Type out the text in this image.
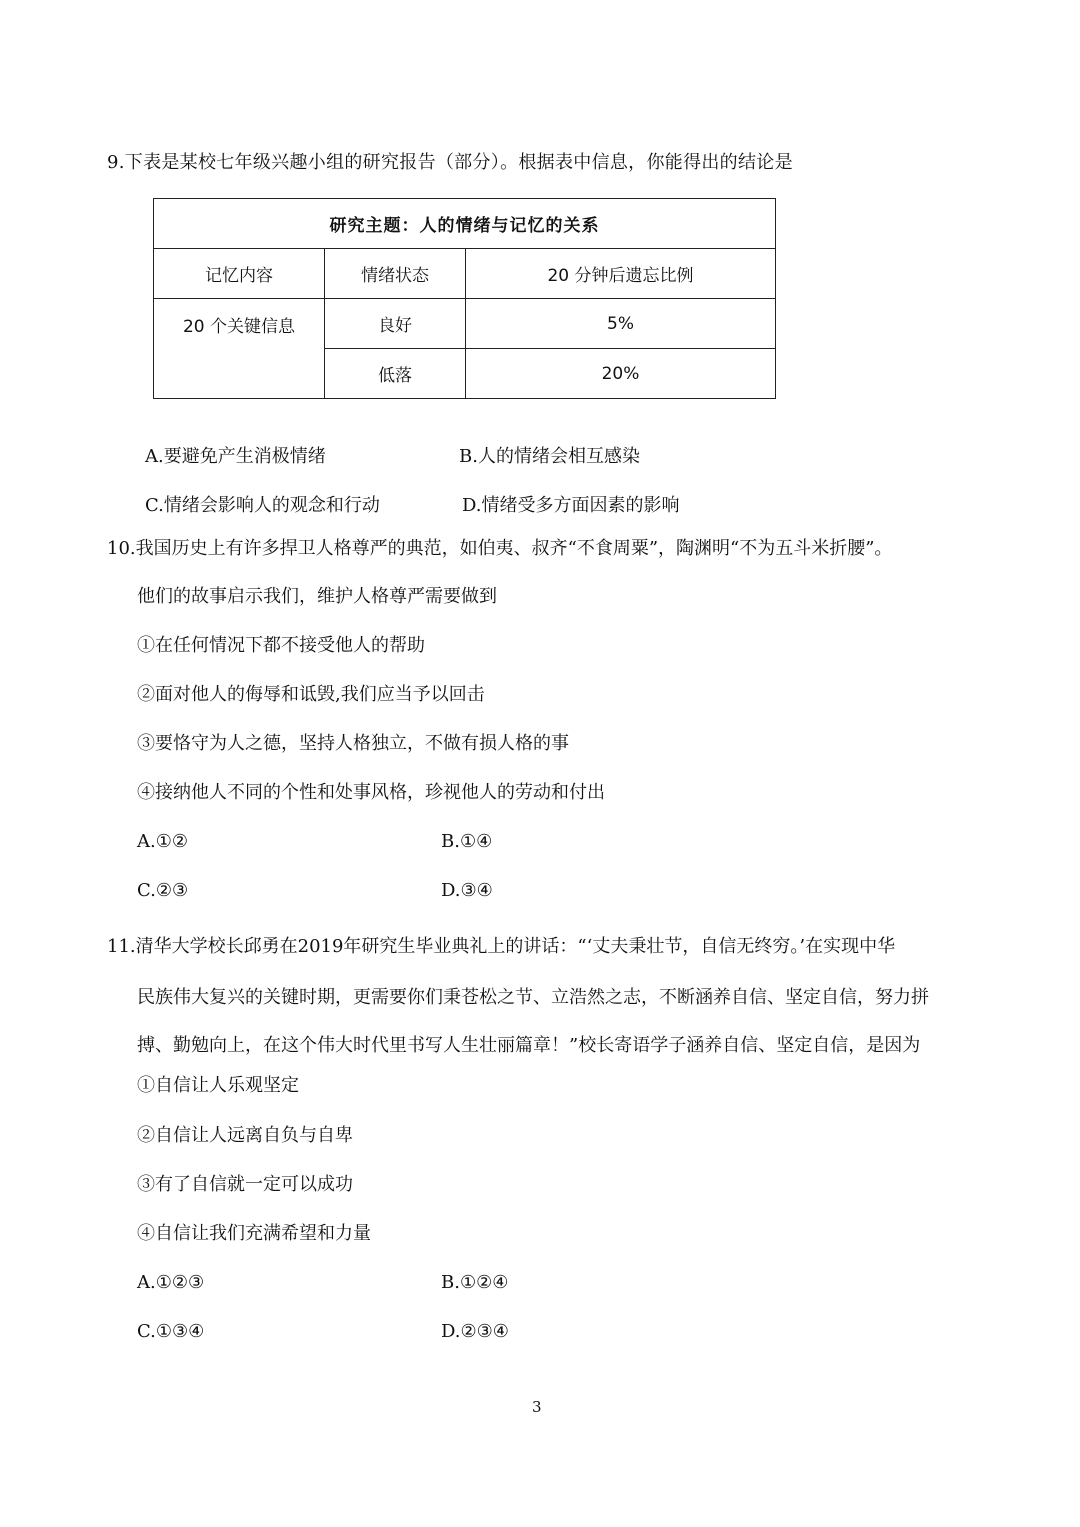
9.下表是某校七年级兴趣小组的研究报告（部分）。根据表中信息，你能得出的结论是
研究主题：人的情绪与记忆的关系		
记忆内容	情绪状态	20 分钟后遗忘比例
20 个关键信息	良好	5%
	低落	20%
A.要避免产生消极情绪	B.人的情绪会相互感染
C.情绪会影响人的观念和行动	D.情绪受多方面因素的影响
10.我国历史上有许多捍卫人格尊严的典范，如伯夷、叔齐“不食周粟”，陶渊明“不为五斗米折腰”。
他们的故事启示我们，维护人格尊严需要做到
①在任何情况下都不接受他人的帮助
②面对他人的侮辱和诋毁,我们应当予以回击
③要恪守为人之德，坚持人格独立，不做有损人格的事
④接纳他人不同的个性和处事风格，珍视他人的劳动和付出
A.①②	B.①④
C.②③	D.③④
11.清华大学校长邱勇在2019年研究生毕业典礼上的讲话：“‘丈夫秉壮节，自信无终穷。’在实现中华
民族伟大复兴的关键时期，更需要你们秉苍松之节、立浩然之志，不断涵养自信、坚定自信，努力拼
搏、勤勉向上，在这个伟大时代里书写人生壮丽篇章！”校长寄语学子涵养自信、坚定自信，是因为
①自信让人乐观坚定
②自信让人远离自负与自卑
③有了自信就一定可以成功
④自信让我们充满希望和力量
A.①②③	B.①②④
C.①③④	D.②③④
3
